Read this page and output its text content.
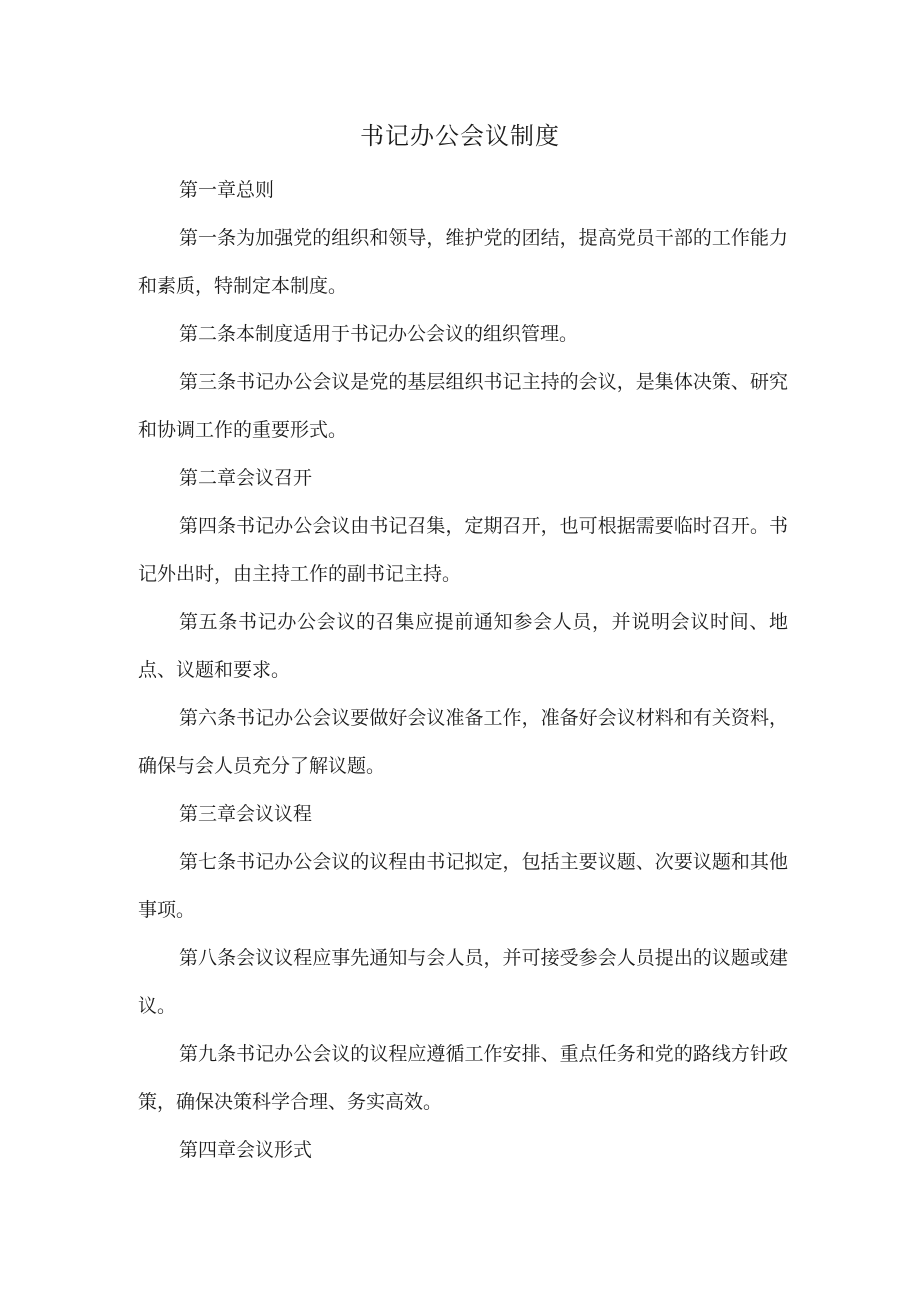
书记办公会议制度

第一章总则

第一条为加强党的组织和领导，维护党的团结，提高党员干部的工作能力和素质，特制定本制度。

第二条本制度适用于书记办公会议的组织管理。

第三条书记办公会议是党的基层组织书记主持的会议，是集体决策、研究和协调工作的重要形式。

第二章会议召开

第四条书记办公会议由书记召集，定期召开，也可根据需要临时召开。书记外出时，由主持工作的副书记主持。

第五条书记办公会议的召集应提前通知参会人员，并说明会议时间、地点、议题和要求。

第六条书记办公会议要做好会议准备工作，准备好会议材料和有关资料，确保与会人员充分了解议题。

第三章会议议程

第七条书记办公会议的议程由书记拟定，包括主要议题、次要议题和其他事项。

第八条会议议程应事先通知与会人员，并可接受参会人员提出的议题或建议。

第九条书记办公会议的议程应遵循工作安排、重点任务和党的路线方针政策，确保决策科学合理、务实高效。

第四章会议形式
